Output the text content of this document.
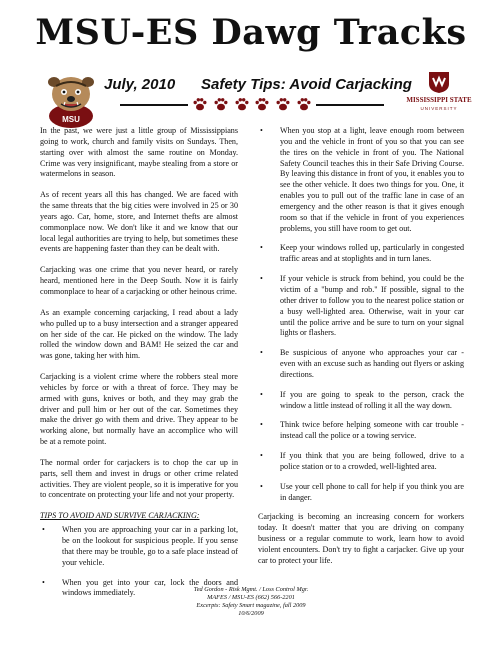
MSU-ES Dawg Tracks
MSU
July, 2010 Safety Tips: Avoid Carjacking
MISSISSIPPI STATE
UNIVERSITY

In the past, we were just a little group of Mississippians going to work, church and family visits on Sundays. Then, starting over with almost the same routine on Monday. Crime was very insignificant, maybe stealing from a store or watermelons in season.

As of recent years all this has changed. We are faced with the same threats that the big cities were involved in 25 or 30 years ago. Car, home, store, and Internet thefts are almost commonplace now. We don't like it and we know that our local legal authorities are trying to help, but sometimes these events are happening faster than they can be dealt with.

Carjacking was one crime that you never heard, or rarely heard, mentioned here in the Deep South. Now it is fairly commonplace to hear of a carjacking or other heinous crime.

As an example concerning carjacking, I read about a lady who pulled up to a busy intersection and a stranger appeared on her side of the car. He picked on the window. The lady rolled the window down and BAM! He seized the car and was gone, taking her with him.

Carjacking is a violent crime where the robbers steal more vehicles by force or with a threat of force. They may be armed with guns, knives or both, and they may grab the driver and pull him or her out of the car. Sometimes they make the driver go with them and drive. They appear to be working alone, but normally have an accomplice who will be at a remote point.

The normal order for carjackers is to chop the car up in parts, sell them and invest in drugs or other crime related activities. They are violent people, so it is imperative for you to concentrate on protecting your life and not your property.

TIPS TO AVOID AND SURVIVE CARJACKING:
• When you are approaching your car in a parking lot, be on the lookout for suspicious people. If you sense that there may be trouble, go to a safe place instead of your vehicle.
• When you get into your car, lock the doors and windows immediately.
• When you stop at a light, leave enough room between you and the vehicle in front of you so that you can see the tires on the vehicle in front of you. The National Safety Council teaches this in their Safe Driving Course. By leaving this distance in front of you, it enables you to see the other vehicle. It does two things for you. One, it enables you to pull out of the traffic lane in case of an emergency and the other reason is that it gives enough room so that if the vehicle in front of you experiences problems, you still have room to get out.
• Keep your windows rolled up, particularly in congested traffic areas and at stoplights and in turn lanes.
• If your vehicle is struck from behind, you could be the victim of a "bump and rob." If possible, signal to the other driver to follow you to the nearest police station or a busy well-lighted area. Otherwise, wait in your car until the police arrive and be sure to turn on your signal lights or flashers.
• Be suspicious of anyone who approaches your car - even with an excuse such as handing out flyers or asking directions.
• If you are going to speak to the person, crack the window a little instead of rolling it all the way down.
• Think twice before helping someone with car trouble - instead call the police or a towing service.
• If you think that you are being followed, drive to a police station or to a crowded, well-lighted area.
• Use your cell phone to call for help if you think you are in danger.

Carjacking is becoming an increasing concern for workers today. It doesn't matter that you are driving on company business or a regular commute to work, learn how to avoid violent encounters. Don't try to fight a carjacker. Give up your car to protect your life.

Ted Gordon - Risk Mgmt. / Loss Control Mgr.
MAFES / MSU-ES (662) 566-2201
Excerpts: Safety Smart magazine, fall 2009
10/6/2009
